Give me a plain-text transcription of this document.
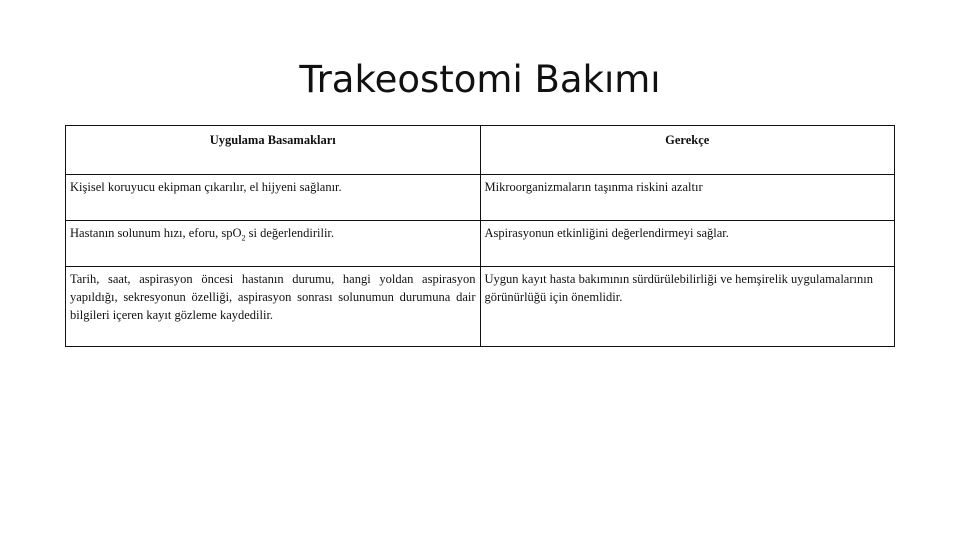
Trakeostomi Bakımı
Uygulama Basamakları	Gerekçe
Kişisel koruyucu ekipman çıkarılır, el hijyeni sağlanır.	Mikroorganizmaların taşınma riskini azaltır
Hastanın solunum hızı, eforu, spO$_2$ si değerlendirilir.	Aspirasyonun etkinliğini değerlendirmeyi sağlar.
Tarih, saat, aspirasyon öncesi hastanın durumu, hangi yoldan aspirasyon yapıldığı, sekresyonun özelliği, aspirasyon sonrası solunumun durumuna dair bilgileri içeren kayıt gözleme kaydedilir.	Uygun kayıt hasta bakımının sürdürülebilirliği ve hemşirelik uygulamalarının görünürlüğü için önemlidir.
